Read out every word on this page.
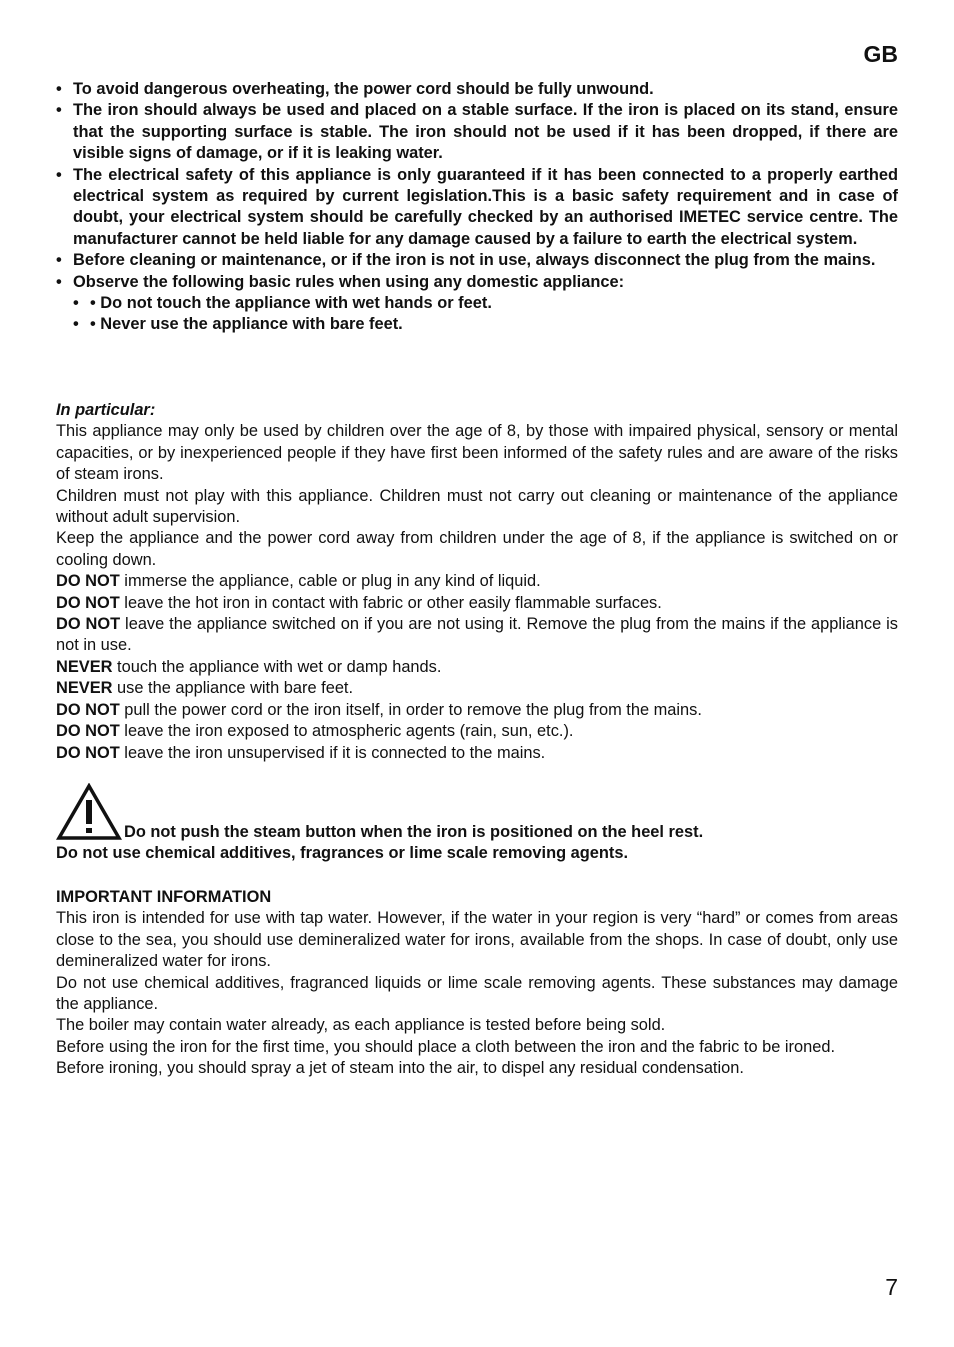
GB
• To avoid dangerous overheating, the power cord should be fully unwound.
• The iron should always be used and placed on a stable surface. If the iron is placed on its stand, ensure that the supporting surface is stable. The iron should not be used if it has been dropped, if there are visible signs of damage, or if it is leaking water.
• The electrical safety of this appliance is only guaranteed if it has been connected to a properly earthed electrical system as required by current legislation.This is a basic safety requirement and in case of doubt, your electrical system should be carefully checked by an authorised IMETEC service centre. The manufacturer cannot be held liable for any damage caused by a failure to earth the electrical system.
• Before cleaning or maintenance, or if the iron is not in use, always disconnect the plug from the mains.
• Observe the following basic rules when using any domestic appliance:
• • Do not touch the appliance with wet hands or feet.
• • Never use the appliance with bare feet.

In particular:

This appliance may only be used by children over the age of 8, by those with impaired physical, sensory or mental capacities, or by inexperienced people if they have first been informed of the safety rules and are aware of the risks of steam irons.

Children must not play with this appliance. Children must not carry out cleaning or maintenance of the appliance without adult supervision.

Keep the appliance and the power cord away from children under the age of 8, if the appliance is switched on or cooling down.

DO NOT immerse the appliance, cable or plug in any kind of liquid.

DO NOT leave the hot iron in contact with fabric or other easily flammable surfaces.

DO NOT leave the appliance switched on if you are not using it. Remove the plug from the mains if the appliance is not in use.

NEVER touch the appliance with wet or damp hands.

NEVER use the appliance with bare feet.

DO NOT pull the power cord or the iron itself, in order to remove the plug from the mains.

DO NOT leave the iron exposed to atmospheric agents (rain, sun, etc.).

DO NOT leave the iron unsupervised if it is connected to the mains.

Do not push the steam button when the iron is positioned on the heel rest.

Do not use chemical additives, fragrances or lime scale removing agents.

IMPORTANT INFORMATION

This iron is intended for use with tap water. However, if the water in your region is very “hard” or comes from areas close to the sea, you should use demineralized water for irons, available from the shops. In case of doubt, only use demineralized water for irons.

Do not use chemical additives, fragranced liquids or lime scale removing agents. These substances may damage the appliance.

The boiler may contain water already, as each appliance is tested before being sold.

Before using the iron for the first time, you should place a cloth between the iron and the fabric to be ironed.

Before ironing, you should spray a jet of steam into the air, to dispel any residual condensation.

7
